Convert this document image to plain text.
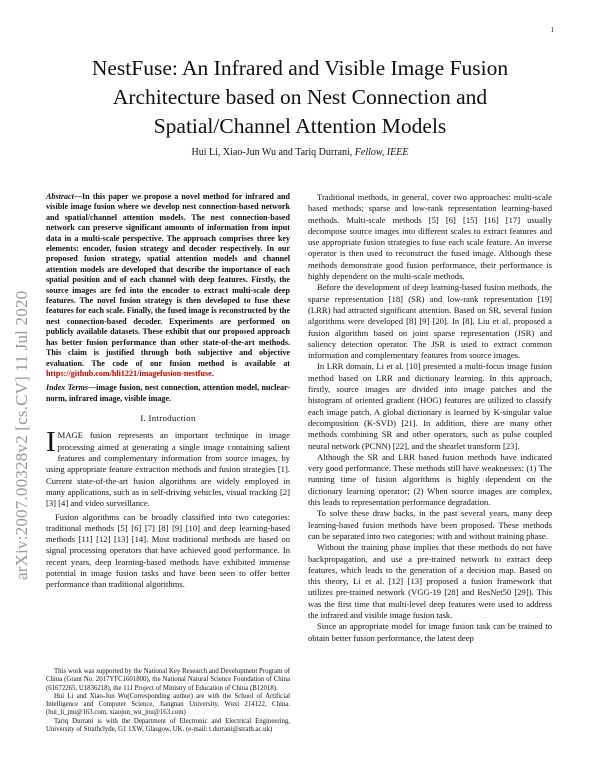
1
arXiv:2007.00328v2 [cs.CV] 11 Jul 2020
NestFuse: An Infrared and Visible Image Fusion Architecture based on Nest Connection and Spatial/Channel Attention Models
Hui Li, Xiao-Jun Wu and Tariq Durrani, Fellow, IEEE

Abstract—In this paper we propose a novel method for infrared and visible image fusion where we develop nest connection-based network and spatial/channel attention models. The nest connection-based network can preserve significant amounts of information from input data in a multi-scale perspective. The approach comprises three key elements: encoder, fusion strategy and decoder respectively. In our proposed fusion strategy, spatial attention models and channel attention models are developed that describe the importance of each spatial position and of each channel with deep features. Firstly, the source images are fed into the encoder to extract multi-scale deep features. The novel fusion strategy is then developed to fuse these features for each scale. Finally, the fused image is reconstructed by the nest connection-based decoder. Experiments are performed on publicly available datasets. These exhibit that our proposed approach has better fusion performance than other state-of-the-art methods. This claim is justified through both subjective and objective evaluation. The code of our fusion method is available at https://github.com/hli1221/imagefusion-nestfuse.

Index Terms—image fusion, nest connection, attention model, nuclear-norm, infrared image, visible image.

I. Introduction

IMAGE fusion represents an important technique in image processing aimed at generating a single image containing salient features and complementary information from source images, by using appropriate feature extraction methods and fusion strategies [1]. Current state-of-the-art fusion algorithms are widely employed in many applications, such as in self-driving vehicles, visual tracking [2] [3] [4] and video surveillance.

Fusion algorithms can be broadly classified into two categories: traditional methods [5] [6] [7] [8] [9] [10] and deep learning-based methods [11] [12] [13] [14]. Most traditional methods are based on signal processing operators that have achieved good performance. In recent years, deep learning-based methods have exhibited immense potential in image fusion tasks and have been seen to offer better performance than traditional algorithms.

This work was supported by the National Key Research and Development Program of China (Grant No. 2017YFC1601800), the National Natural Science Foundation of China (61672265, U1836218), the 111 Project of Ministry of Education of China (B12018).

Hui Li and Xiao-Jun Wu(Corresponding author) are with the School of Artificial Intelligence and Computer Science, Jiangnan University, Wuxi 214122, China. (hui_li_jnu@163.com, xiaojun_wu_jnu@163.com)

Tariq Durrani is with the Department of Electronic and Electrical Engineering, University of Strathclyde, G1 1XW, Glasgow, UK. (e-mail: t.durrani@strath.ac.uk)

Traditional methods, in general, cover two approaches: multi-scale based methods; sparse and low-rank representation learning-based methods. Multi-scale methods [5] [6] [15] [16] [17] usually decompose source images into different scales to extract features and use appropriate fusion strategies to fuse each scale feature. An inverse operator is then used to reconstruct the fused image. Although these methods demonstrate good fusion performance, their performance is highly dependent on the multi-scale methods.

Before the development of deep learning-based fusion methods, the sparse representation [18] (SR) and low-rank representation [19] (LRR) had attracted significant attention. Based on SR, several fusion algorithms were developed [8] [9] [20]. In [8], Liu et al. proposed a fusion algorithm based on joint sparse representation (JSR) and saliency detection operator. The JSR is used to extract common information and complementary features from source images.

In LRR domain, Li et al. [10] presented a multi-focus image fusion method based on LRR and dictionary learning. In this approach, firstly, source images are divided into image patches and the histogram of oriented gradient (HOG) features are utilized to classify each image patch. A global dictionary is learned by K-singular value decomposition (K-SVD) [21]. In addition, there are many other methods combining SR and other operators, such as pulse coupled neural network (PCNN) [22], and the shearlet transform [23].

Although the SR and LRR based fusion methods have indicated very good performance. These methods still have weaknesses: (1) The running time of fusion algorithms is highly dependent on the dictionary learning operator; (2) When source images are complex, this leads to representation performance degradation.

To solve these draw backs, in the past several years, many deep learning-based fusion methods have been proposed. These methods can be separated into two categories: with and without training phase.

Without the training phase implies that these methods do not have backpropagation, and use a pre-trained network to extract deep features, which leads to the generation of a decision map. Based on this theory, Li et al. [12] [13] proposed a fusion framework that utilizes pre-trained network (VGG-19 [28] and ResNet50 [29]). This was the first time that multi-level deep features were used to address the infrared and visible image fusion task.

Since an appropriate model for image fusion task can be trained to obtain better fusion performance, the latest deep
